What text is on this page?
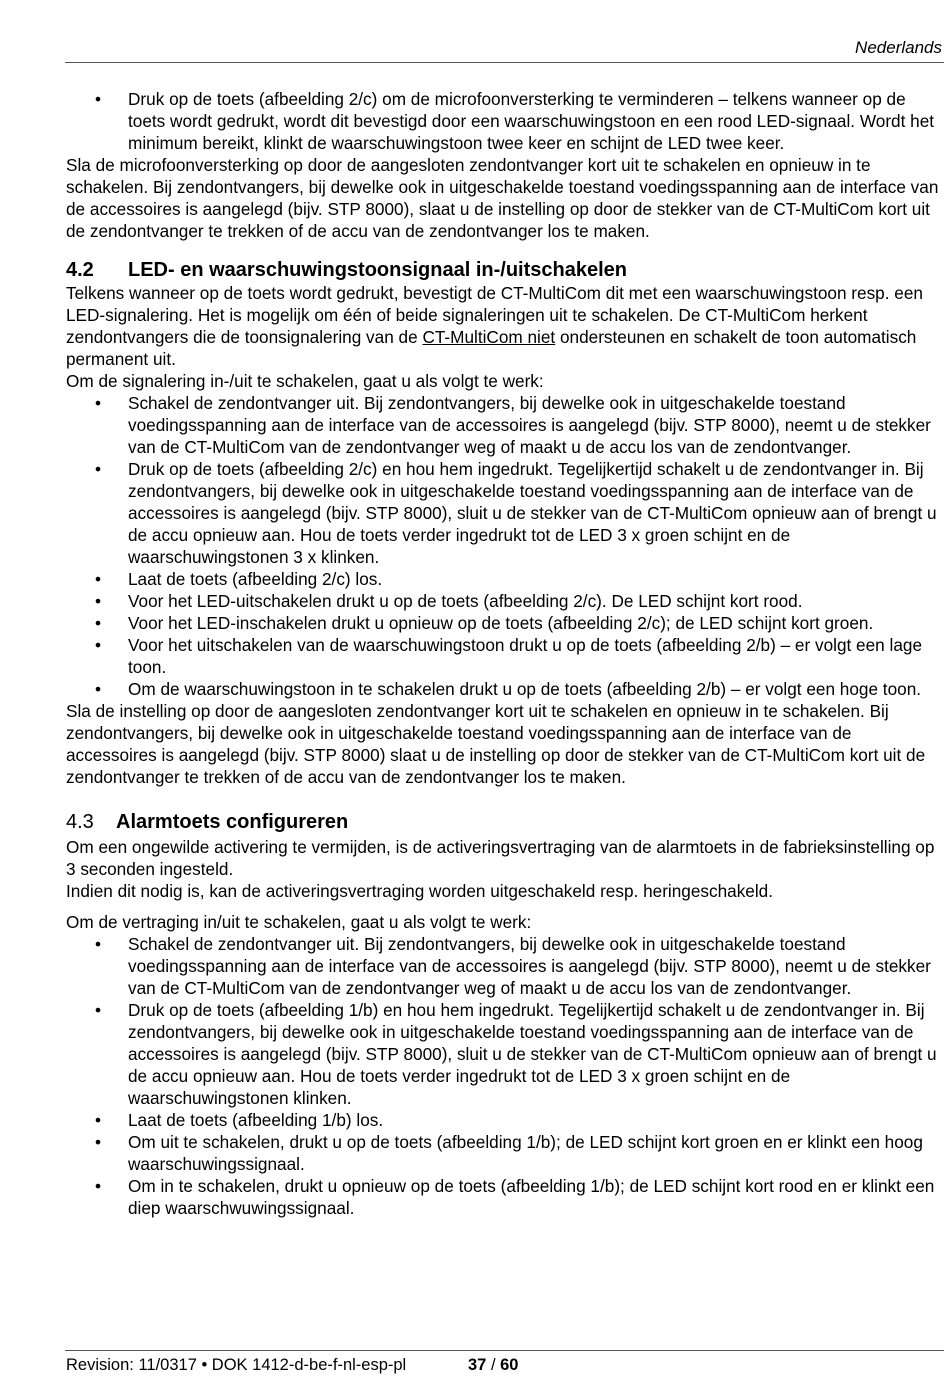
Nederlands
• Druk op de toets (afbeelding 2/c) om de microfoonversterking te verminderen – telkens wanneer op de toets wordt gedrukt, wordt dit bevestigd door een waarschuwingstoon en een rood LED-signaal. Wordt het minimum bereikt, klinkt de waarschuwingstoon twee keer en schijnt de LED twee keer.

Sla de microfoonversterking op door de aangesloten zendontvanger kort uit te schakelen en opnieuw in te schakelen. Bij zendontvangers, bij dewelke ook in uitgeschakelde toestand voedingsspanning aan de interface van de accessoires is aangelegd (bijv. STP 8000), slaat u de instelling op door de stekker van de CT-MultiCom kort uit de zendontvanger te trekken of de accu van de zendontvanger los te maken.

4.2 LED- en waarschuwingstoonsignaal in-/uitschakelen

Telkens wanneer op de toets wordt gedrukt, bevestigt de CT-MultiCom dit met een waarschuwingstoon resp. een LED-signalering. Het is mogelijk om één of beide signaleringen uit te schakelen. De CT-MultiCom herkent zendontvangers die de toonsignalering van de CT-MultiCom niet ondersteunen en schakelt de toon automatisch permanent uit.

Om de signalering in-/uit te schakelen, gaat u als volgt te werk:

• Schakel de zendontvanger uit. Bij zendontvangers, bij dewelke ook in uitgeschakelde toestand voedingsspanning aan de interface van de accessoires is aangelegd (bijv. STP 8000), neemt u de stekker van de CT-MultiCom van de zendontvanger weg of maakt u de accu los van de zendontvanger.
• Druk op de toets (afbeelding 2/c) en hou hem ingedrukt. Tegelijkertijd schakelt u de zendontvanger in. Bij zendontvangers, bij dewelke ook in uitgeschakelde toestand voedingsspanning aan de interface van de accessoires is aangelegd (bijv. STP 8000), sluit u de stekker van de CT-MultiCom opnieuw aan of brengt u de accu opnieuw aan. Hou de toets verder ingedrukt tot de LED 3 x groen schijnt en de waarschuwingstonen 3 x klinken.
• Laat de toets (afbeelding 2/c) los.
• Voor het LED-uitschakelen drukt u op de toets (afbeelding 2/c). De LED schijnt kort rood.
• Voor het LED-inschakelen drukt u opnieuw op de toets (afbeelding 2/c); de LED schijnt kort groen.
• Voor het uitschakelen van de waarschuwingstoon drukt u op de toets (afbeelding 2/b) – er volgt een lage toon.
• Om de waarschuwingstoon in te schakelen drukt u op de toets (afbeelding 2/b) – er volgt een hoge toon.

Sla de instelling op door de aangesloten zendontvanger kort uit te schakelen en opnieuw in te schakelen. Bij zendontvangers, bij dewelke ook in uitgeschakelde toestand voedingsspanning aan de interface van de accessoires is aangelegd (bijv. STP 8000) slaat u de instelling op door de stekker van de CT-MultiCom kort uit de zendontvanger te trekken of de accu van de zendontvanger los te maken.

4.3 Alarmtoets configureren

Om een ongewilde activering te vermijden, is de activeringsvertraging van de alarmtoets in de fabrieksinstelling op 3 seconden ingesteld.

Indien dit nodig is, kan de activeringsvertraging worden uitgeschakeld resp. heringeschakeld.

Om de vertraging in/uit te schakelen, gaat u als volgt te werk:

• Schakel de zendontvanger uit. Bij zendontvangers, bij dewelke ook in uitgeschakelde toestand voedingsspanning aan de interface van de accessoires is aangelegd (bijv. STP 8000), neemt u de stekker van de CT-MultiCom van de zendontvanger weg of maakt u de accu los van de zendontvanger.
• Druk op de toets (afbeelding 1/b) en hou hem ingedrukt. Tegelijkertijd schakelt u de zendontvanger in. Bij zendontvangers, bij dewelke ook in uitgeschakelde toestand voedingsspanning aan de interface van de accessoires is aangelegd (bijv. STP 8000), sluit u de stekker van de CT-MultiCom opnieuw aan of brengt u de accu opnieuw aan. Hou de toets verder ingedrukt tot de LED 3 x groen schijnt en de waarschuwingstonen klinken.
• Laat de toets (afbeelding 1/b) los.
• Om uit te schakelen, drukt u op de toets (afbeelding 1/b); de LED schijnt kort groen en er klinkt een hoog waarschuwingssignaal.
• Om in te schakelen, drukt u opnieuw op de toets (afbeelding 1/b); de LED schijnt kort rood en er klinkt een diep waarschwuwingssignaal.
Revision: 11/0317 • DOK 1412-d-be-f-nl-esp-pl	37 / 60
